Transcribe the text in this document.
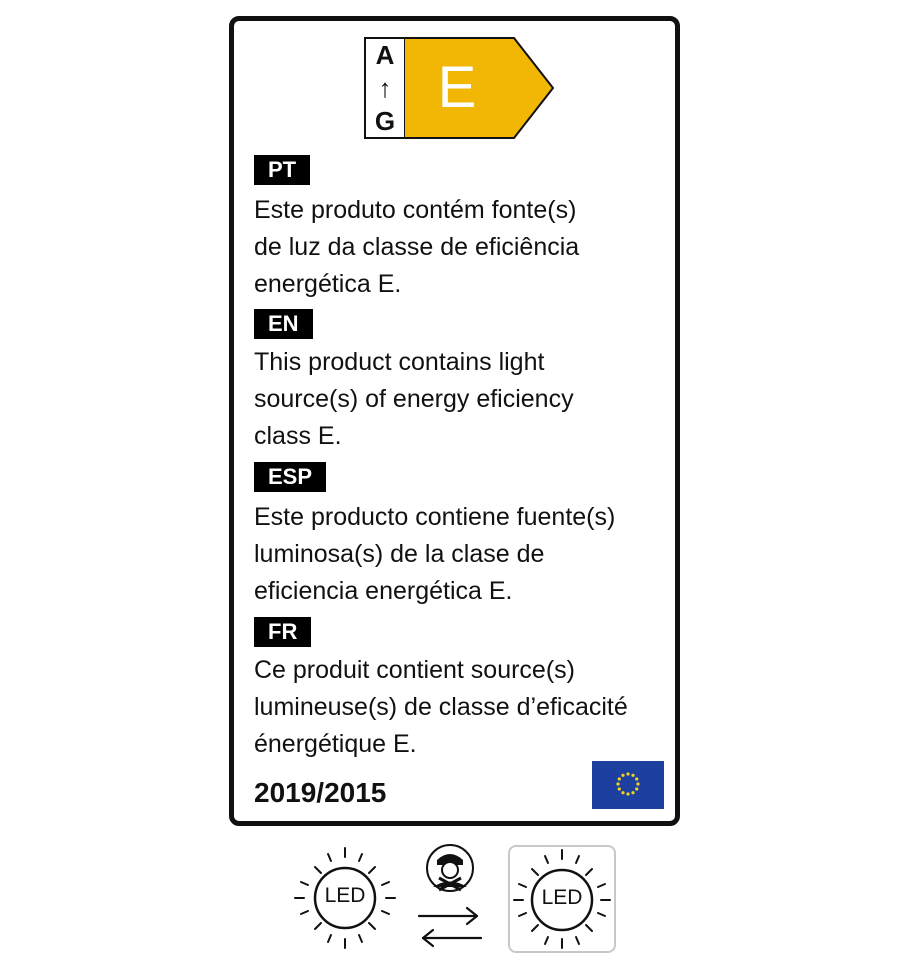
A
↑
G
E
PT
Este produto contém fonte(s)
de luz da classe de eficiência
energética E.
EN
This product contains light
source(s) of energy eficiency
class E.
ESP
Este producto contiene fuente(s)
luminosa(s) de la clase de
eficiencia energética E.
FR
Ce produit contient source(s)
lumineuse(s) de classe d’eficacité
énergétique E.
2019/2015
LED	LED
